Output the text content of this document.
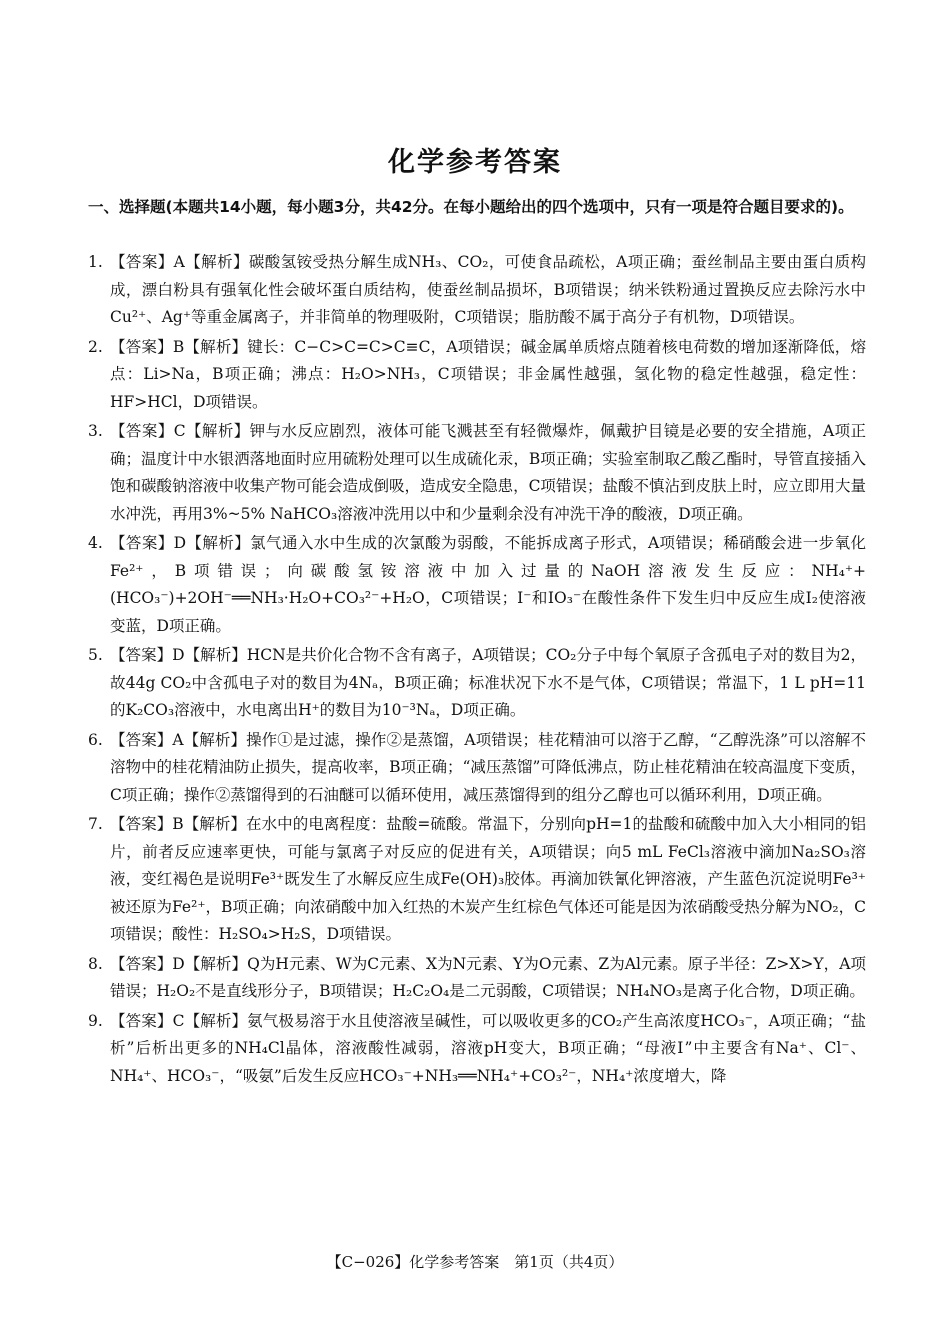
化学参考答案
一、选择题(本题共14小题，每小题3分，共42分。在每小题给出的四个选项中，只有一项是符合题目要求的)。
1. 【答案】A【解析】碳酸氢铵受热分解生成NH₃、CO₂，可使食品疏松，A项正确；蚕丝制品主要由蛋白质构成，漂白粉具有强氧化性会破坏蛋白质结构，使蚕丝制品损坏，B项错误；纳米铁粉通过置换反应去除污水中Cu²⁺、Ag⁺等重金属离子，并非简单的物理吸附，C项错误；脂肪酸不属于高分子有机物，D项错误。
2. 【答案】B【解析】键长：C−C>C=C>C≡C，A项错误；碱金属单质熔点随着核电荷数的增加逐渐降低，熔点：Li>Na，B项正确；沸点：H₂O>NH₃，C项错误；非金属性越强，氢化物的稳定性越强，稳定性：HF>HCl，D项错误。
3. 【答案】C【解析】钾与水反应剧烈，液体可能飞溅甚至有轻微爆炸，佩戴护目镜是必要的安全措施，A项正确；温度计中水银洒落地面时应用硫粉处理可以生成硫化汞，B项正确；实验室制取乙酸乙酯时，导管直接插入饱和碳酸钠溶液中收集产物可能会造成倒吸，造成安全隐患，C项错误；盐酸不慎沾到皮肤上时，应立即用大量水冲洗，再用3%~5% NaHCO₃溶液冲洗用以中和少量剩余没有冲洗干净的酸液，D项正确。
4. 【答案】D【解析】氯气通入水中生成的次氯酸为弱酸，不能拆成离子形式，A项错误；稀硝酸会进一步氧化Fe²⁺，B项错误；向碳酸氢铵溶液中加入过量的NaOH溶液发生反应：NH₄⁺+(HCO₃⁻)+2OH⁻══NH₃·H₂O+CO₃²⁻+H₂O，C项错误；I⁻和IO₃⁻在酸性条件下发生归中反应生成I₂使溶液变蓝，D项正确。
5. 【答案】D【解析】HCN是共价化合物不含有离子，A项错误；CO₂分子中每个氧原子含孤电子对的数目为2，故44g CO₂中含孤电子对的数目为4Nₐ，B项正确；标准状况下水不是气体，C项错误；常温下，1 L pH=11的K₂CO₃溶液中，水电离出H⁺的数目为10⁻³Nₐ，D项正确。
6. 【答案】A【解析】操作①是过滤，操作②是蒸馏，A项错误；桂花精油可以溶于乙醇，“乙醇洗涤”可以溶解不溶物中的桂花精油防止损失，提高收率，B项正确；“减压蒸馏”可降低沸点，防止桂花精油在较高温度下变质，C项正确；操作②蒸馏得到的石油醚可以循环使用，减压蒸馏得到的组分乙醇也可以循环利用，D项正确。
7. 【答案】B【解析】在水中的电离程度：盐酸=硫酸。常温下，分别向pH=1的盐酸和硫酸中加入大小相同的铝片，前者反应速率更快，可能与氯离子对反应的促进有关，A项错误；向5 mL FeCl₃溶液中滴加Na₂SO₃溶液，变红褐色是说明Fe³⁺既发生了水解反应生成Fe(OH)₃胶体。再滴加铁氰化钾溶液，产生蓝色沉淀说明Fe³⁺被还原为Fe²⁺，B项正确；向浓硝酸中加入红热的木炭产生红棕色气体还可能是因为浓硝酸受热分解为NO₂，C项错误；酸性：H₂SO₄>H₂S，D项错误。
8. 【答案】D【解析】Q为H元素、W为C元素、X为N元素、Y为O元素、Z为Al元素。原子半径：Z>X>Y，A项错误；H₂O₂不是直线形分子，B项错误；H₂C₂O₄是二元弱酸，C项错误；NH₄NO₃是离子化合物，D项正确。
9. 【答案】C【解析】氨气极易溶于水且使溶液呈碱性，可以吸收更多的CO₂产生高浓度HCO₃⁻，A项正确；“盐析”后析出更多的NH₄Cl晶体，溶液酸性减弱，溶液pH变大，B项正确；“母液Ⅰ”中主要含有Na⁺、Cl⁻、NH₄⁺、HCO₃⁻，“吸氨”后发生反应HCO₃⁻+NH₃══NH₄⁺+CO₃²⁻，NH₄⁺浓度增大，降
【C−026】化学参考答案　第1页（共4页）
